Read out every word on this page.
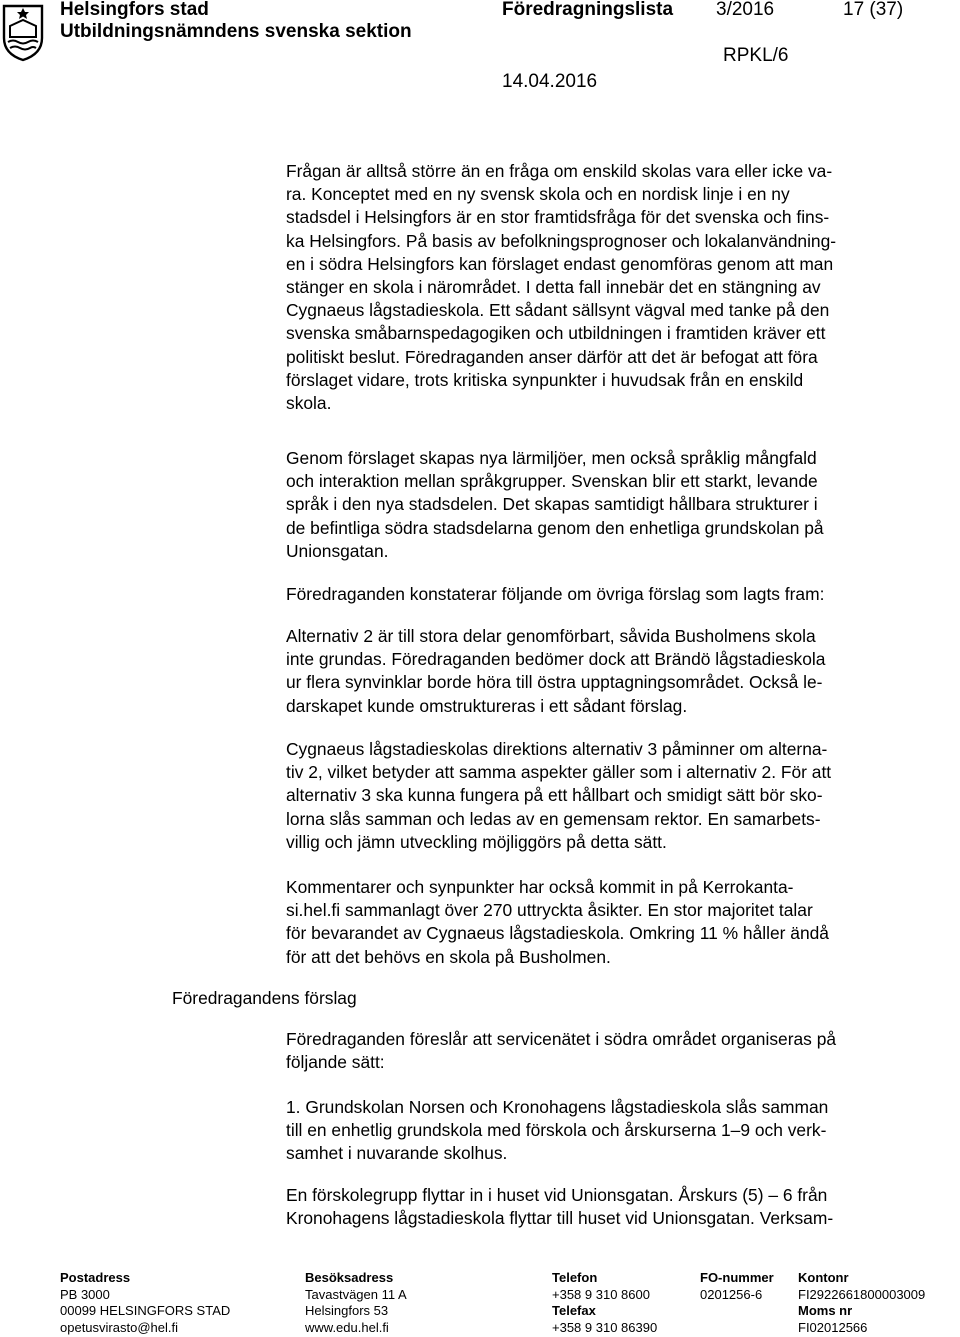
Helsingfors stad
Utbildningsnämndens svenska sektion
Föredragningslista 3/2016	17 (37)
RPKL/6
14.04.2016
Föredragandens förslag
Frågan är alltså större än en fråga om enskild skolas vara eller icke va-
ra. Konceptet med en ny svensk skola och en nordisk linje i en ny
stadsdel i Helsingfors är en stor framtidsfråga för det svenska och fins-
ka Helsingfors. På basis av befolkningsprognoser och lokalanvändning-
en i södra Helsingfors kan förslaget endast genomföras genom att man
stänger en skola i närområdet. I detta fall innebär det en stängning av
Cygnaeus lågstadieskola. Ett sådant sällsynt vägval med tanke på den
svenska småbarnspedagogiken och utbildningen i framtiden kräver ett
politiskt beslut. Föredraganden anser därför att det är befogat att föra
förslaget vidare, trots kritiska synpunkter i huvudsak från en enskild
skola.
Genom förslaget skapas nya lärmiljöer, men också språklig mångfald
och interaktion mellan språkgrupper. Svenskan blir ett starkt, levande
språk i den nya stadsdelen. Det skapas samtidigt hållbara strukturer i
de befintliga södra stadsdelarna genom den enhetliga grundskolan på
Unionsgatan.
Föredraganden konstaterar följande om övriga förslag som lagts fram:
Alternativ 2 är till stora delar genomförbart, såvida Busholmens skola
inte grundas. Föredraganden bedömer dock att Brändö lågstadieskola
ur flera synvinklar borde höra till östra upptagningsområdet. Också le-
darskapet kunde omstruktureras i ett sådant förslag.
Cygnaeus lågstadieskolas direktions alternativ 3 påminner om alterna-
tiv 2, vilket betyder att samma aspekter gäller som i alternativ 2. För att
alternativ 3 ska kunna fungera på ett hållbart och smidigt sätt bör sko-
lorna slås samman och ledas av en gemensam rektor. En samarbets-
villig och jämn utveckling möjliggörs på detta sätt.
Kommentarer och synpunkter har också kommit in på Kerrokanta-
si.hel.fi sammanlagt över 270 uttryckta åsikter. En stor majoritet talar
för bevarandet av Cygnaeus lågstadieskola. Omkring 11 % håller ändå
för att det behövs en skola på Busholmen.
Föredraganden föreslår att servicenätet i södra området organiseras på
följande sätt:
1. Grundskolan Norsen och Kronohagens lågstadieskola slås samman
till en enhetlig grundskola med förskola och årskurserna 1–9 och verk-
samhet i nuvarande skolhus.
En förskolegrupp flyttar in i huset vid Unionsgatan. Årskurs (5) – 6 från
Kronohagens lågstadieskola flyttar till huset vid Unionsgatan. Verksam-
Postadress
PB 3000
00099 HELSINGFORS STAD
opetusvirasto@hel.fi
Besöksadress
Tavastvägen 11 A
Helsingfors 53
www.edu.hel.fi
Telefon
+358 9 310 8600
Telefax
+358 9 310 86390
FO-nummer
0201256-6
Kontonr
FI2922661800003009
Moms nr
FI02012566
